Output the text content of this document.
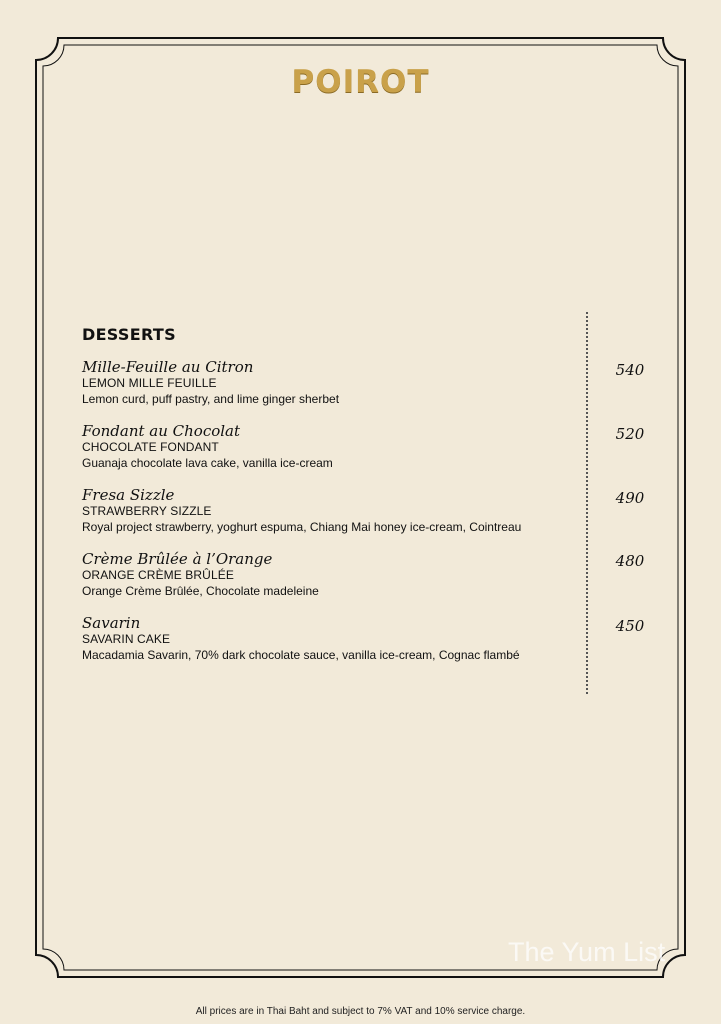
POIROT
DESSERTS
Mille-Feuille au Citron
LEMON MILLE FEUILLE
Lemon curd, puff pastry, and lime ginger sherbet
540
Fondant au Chocolat
CHOCOLATE FONDANT
Guanaja chocolate lava cake, vanilla ice-cream
520
Fresa Sizzle
STRAWBERRY SIZZLE
Royal project strawberry, yoghurt espuma, Chiang Mai honey ice-cream, Cointreau
490
Crème Brûlée à l’Orange
ORANGE CRÈME BRÛLÉE
Orange Crème Brûlée, Chocolate madeleine
480
Savarin
SAVARIN CAKE
Macadamia Savarin, 70% dark chocolate sauce, vanilla ice-cream, Cognac flambé
450
The Yum List
All prices are in Thai Baht and subject to 7% VAT and 10% service charge.
